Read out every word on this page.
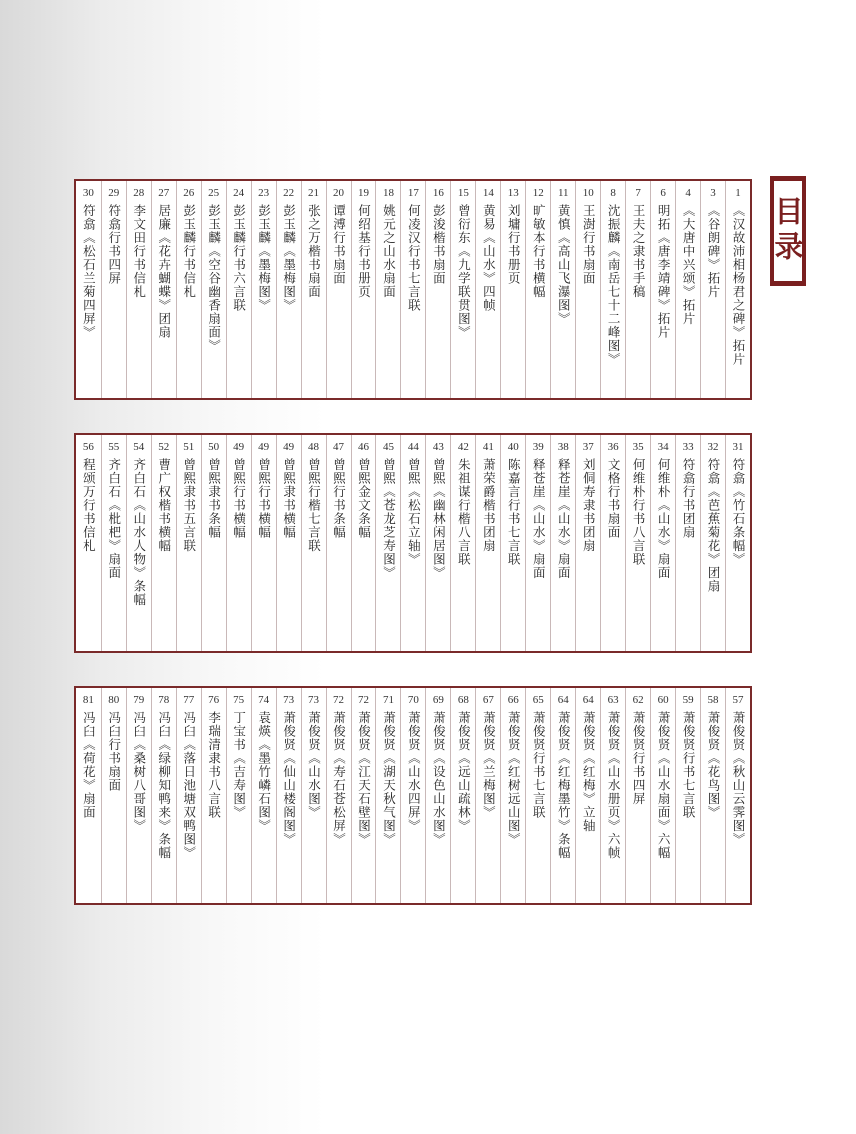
目录
1
《汉故沛相杨君之碑》拓片
3
《谷朗碑》拓片
4
《大唐中兴颂》拓片
6
明拓《唐李靖碑》拓片
7
王夫之隶书手稿
8
沈振麟《南岳七十二峰图》
10
王澍行书扇面
11
黄慎《高山飞瀑图》
12
旷敏本行书横幅
13
刘墉行书册页
14
黄易《山水》四帧
15
曾衍东《九学联贯图》
16
彭浚楷书扇面
17
何凌汉行书七言联
18
姚元之山水扇面
19
何绍基行书册页
20
谭溥行书扇面
21
张之万楷书扇面
22
彭玉麟《墨梅图》
23
彭玉麟《墨梅图》
24
彭玉麟行书六言联
25
彭玉麟《空谷幽香扇面》
26
彭玉麟行书信札
27
居廉《花卉蝴蝶》团扇
28
李文田行书信札
29
符翕行书四屏
30
符翕《松石兰菊四屏》
31
符翕《竹石条幅》
32
符翕《芭蕉菊花》团扇
33
符翕行书团扇
34
何维朴《山水》扇面
35
何维朴行书八言联
36
文格行书扇面
37
刘侗寿隶书团扇
38
释苍崖《山水》扇面
39
释苍崖《山水》扇面
40
陈嘉言行书七言联
41
萧荣爵楷书团扇
42
朱祖谋行楷八言联
43
曾熙《幽林闲居图》
44
曾熙《松石立轴》
45
曾熙《苍龙芝寿图》
46
曾熙金文条幅
47
曾熙行书条幅
48
曾熙行楷七言联
49
曾熙隶书横幅
49
曾熙行书横幅
49
曾熙行书横幅
50
曾熙隶书条幅
51
曾熙隶书五言联
52
曹广权楷书横幅
54
齐白石《山水人物》条幅
55
齐白石《枇杷》扇面
56
程颂万行书信札
57
萧俊贤《秋山云霁图》
58
萧俊贤《花鸟图》
59
萧俊贤行书七言联
60
萧俊贤《山水扇面》六幅
62
萧俊贤行书四屏
63
萧俊贤《山水册页》六帧
64
萧俊贤《红梅》立轴
64
萧俊贤《红梅墨竹》条幅
65
萧俊贤行书七言联
66
萧俊贤《红树远山图》
67
萧俊贤《兰梅图》
68
萧俊贤《远山疏林》
69
萧俊贤《设色山水图》
70
萧俊贤《山水四屏》
71
萧俊贤《湖天秋气图》
72
萧俊贤《江天石壁图》
72
萧俊贤《寿石苍松屏》
73
萧俊贤《山水图》
73
萧俊贤《仙山楼阁图》
74
袁煐《墨竹嶙石图》
75
丁宝书《吉寿图》
76
李瑞清隶书八言联
77
冯臼《落日池塘双鸭图》
78
冯臼《绿柳知鸭来》条幅
79
冯臼《桑树八哥图》
80
冯臼行书扇面
81
冯臼《荷花》扇面
